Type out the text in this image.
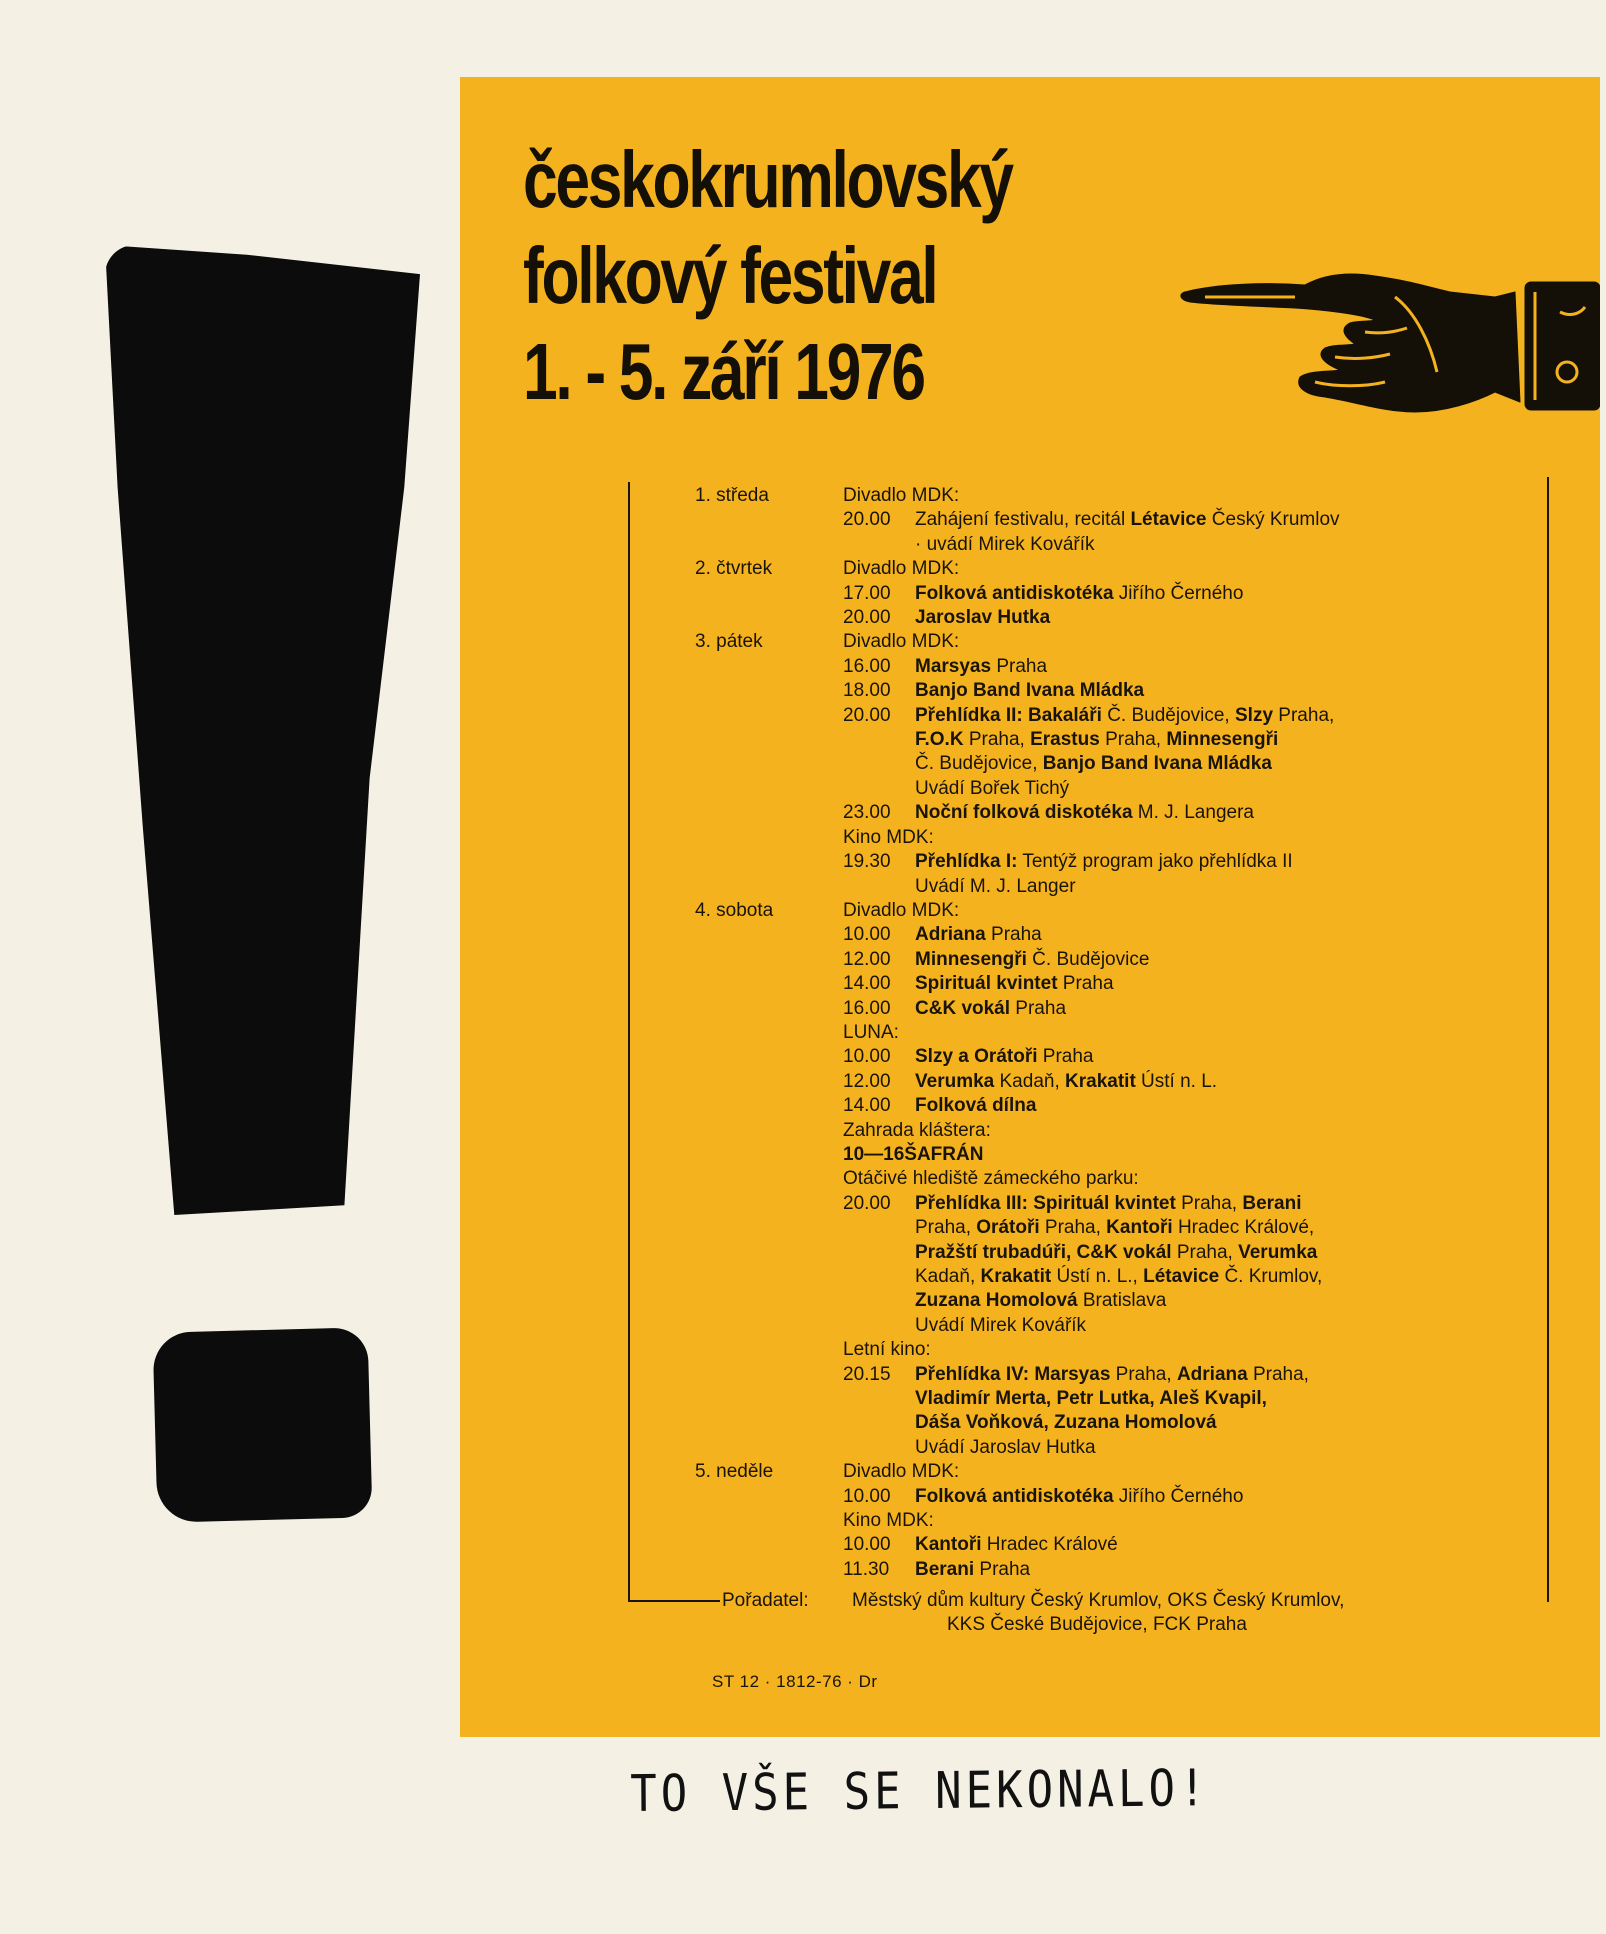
českokrumlovský
folkový festival
1. - 5. září 1976
1. středa	Divadlo MDK:
20.00	Zahájení festivalu, recitál Létavice Český Krumlov
· uvádí Mirek Kovářík
2. čtvrtek	Divadlo MDK:
17.00	Folková antidiskotéka Jiřího Černého
20.00	Jaroslav Hutka
3. pátek	Divadlo MDK:
16.00	Marsyas Praha
18.00	Banjo Band Ivana Mládka
20.00	Přehlídka II: Bakaláři Č. Budějovice, Slzy Praha,
F.O.K Praha, Erastus Praha, Minnesengři
Č. Budějovice, Banjo Band Ivana Mládka
Uvádí Bořek Tichý
23.00	Noční folková diskotéka M. J. Langera
Kino MDK:
19.30	Přehlídka I: Tentýž program jako přehlídka II
Uvádí M. J. Langer
4. sobota	Divadlo MDK:
10.00	Adriana Praha
12.00	Minnesengři Č. Budějovice
14.00	Spirituál kvintet Praha
16.00	C&K vokál Praha
LUNA:
10.00	Slzy a Orátoři Praha
12.00	Verumka Kadaň, Krakatit Ústí n. L.
14.00	Folková dílna
Zahrada kláštera:
10—16ŠAFRÁN
Otáčivé hlediště zámeckého parku:
20.00	Přehlídka III: Spirituál kvintet Praha, Berani
Praha, Orátoři Praha, Kantoři Hradec Králové,
Pražští trubadúři, C&K vokál Praha, Verumka
Kadaň, Krakatit Ústí n. L., Létavice Č. Krumlov,
Zuzana Homolová Bratislava
Uvádí Mirek Kovářík
Letní kino:
20.15	Přehlídka IV: Marsyas Praha, Adriana Praha,
Vladimír Merta, Petr Lutka, Aleš Kvapil,
Dáša Voňková, Zuzana Homolová
Uvádí Jaroslav Hutka
5. neděle	Divadlo MDK:
10.00	Folková antidiskotéka Jiřího Černého
Kino MDK:
10.00	Kantoři Hradec Králové
11.30	Berani Praha
Pořadatel:	Městský dům kultury Český Krumlov, OKS Český Krumlov,
KKS České Budějovice, FCK Praha
ST 12 · 1812-76 · Dr
TO VŠE SE NEKONALO!
